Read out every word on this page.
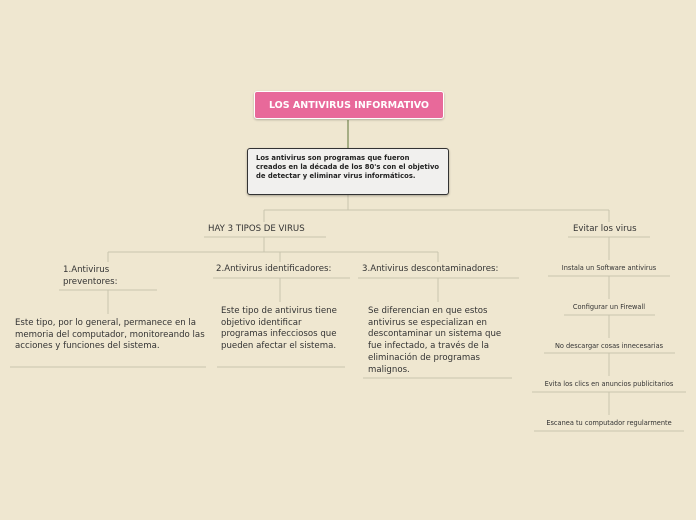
LOS ANTIVIRUS INFORMATIVO
Los antivirus son programas que fueron creados en la década de los 80's con el objetivo de detectar y eliminar virus informáticos.
HAY 3 TIPOS DE VIRUS
1.Antivirus preventores:
2.Antivirus identificadores:	3.Antivirus descontaminadores:
Este tipo, por lo general, permanece en la memoria del computador, monitoreando las acciones y funciones del sistema.
Este tipo de antivirus tiene objetivo identificar programas infecciosos que pueden afectar el sistema.
Se diferencian en que estos antivirus se especializan en descontaminar un sistema que fue infectado, a través de la eliminación de programas malignos.
Evitar los virus
Instala un Software antivirus
Configurar un Firewall
No descargar cosas innecesarias
Evita los clics en anuncios publicitarios
Escanea tu computador regularmente
